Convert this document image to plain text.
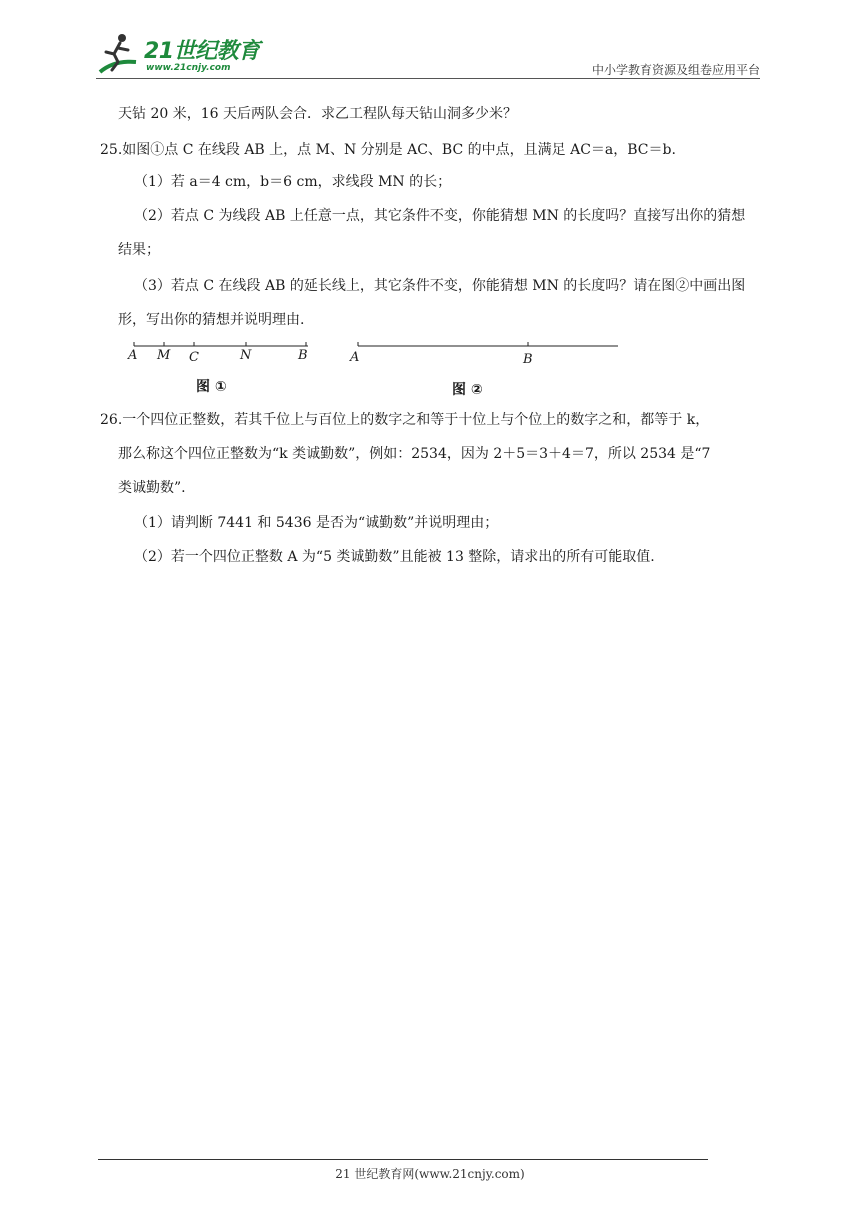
21世纪教育
www.21cnjy.com	中小学教育资源及组卷应用平台
天钻 20 米，16 天后两队会合．求乙工程队每天钻山洞多少米？
25.如图①点 C 在线段 AB 上，点 M、N 分别是 AC、BC 的中点，且满足 AC＝a，BC＝b.
（1）若 a＝4 cm，b＝6 cm，求线段 MN 的长；
（2）若点 C 为线段 AB 上任意一点，其它条件不变，你能猜想 MN 的长度吗？直接写出你的猜想
结果；
（3）若点 C 在线段 AB 的延长线上，其它条件不变，你能猜想 MN 的长度吗？请在图②中画出图
形，写出你的猜想并说明理由.
A M C	N	B
图 ①
A	B
图 ②
26.一个四位正整数，若其千位上与百位上的数字之和等于十位上与个位上的数字之和，都等于 k，
那么称这个四位正整数为“k 类诚勤数”，例如：2534，因为 2＋5＝3＋4＝7，所以 2534 是“7
类诚勤数”.
（1）请判断 7441 和 5436 是否为“诚勤数”并说明理由；
（2）若一个四位正整数 A 为“5 类诚勤数”且能被 13 整除，请求出的所有可能取值.
21 世纪教育网(www.21cnjy.com)
